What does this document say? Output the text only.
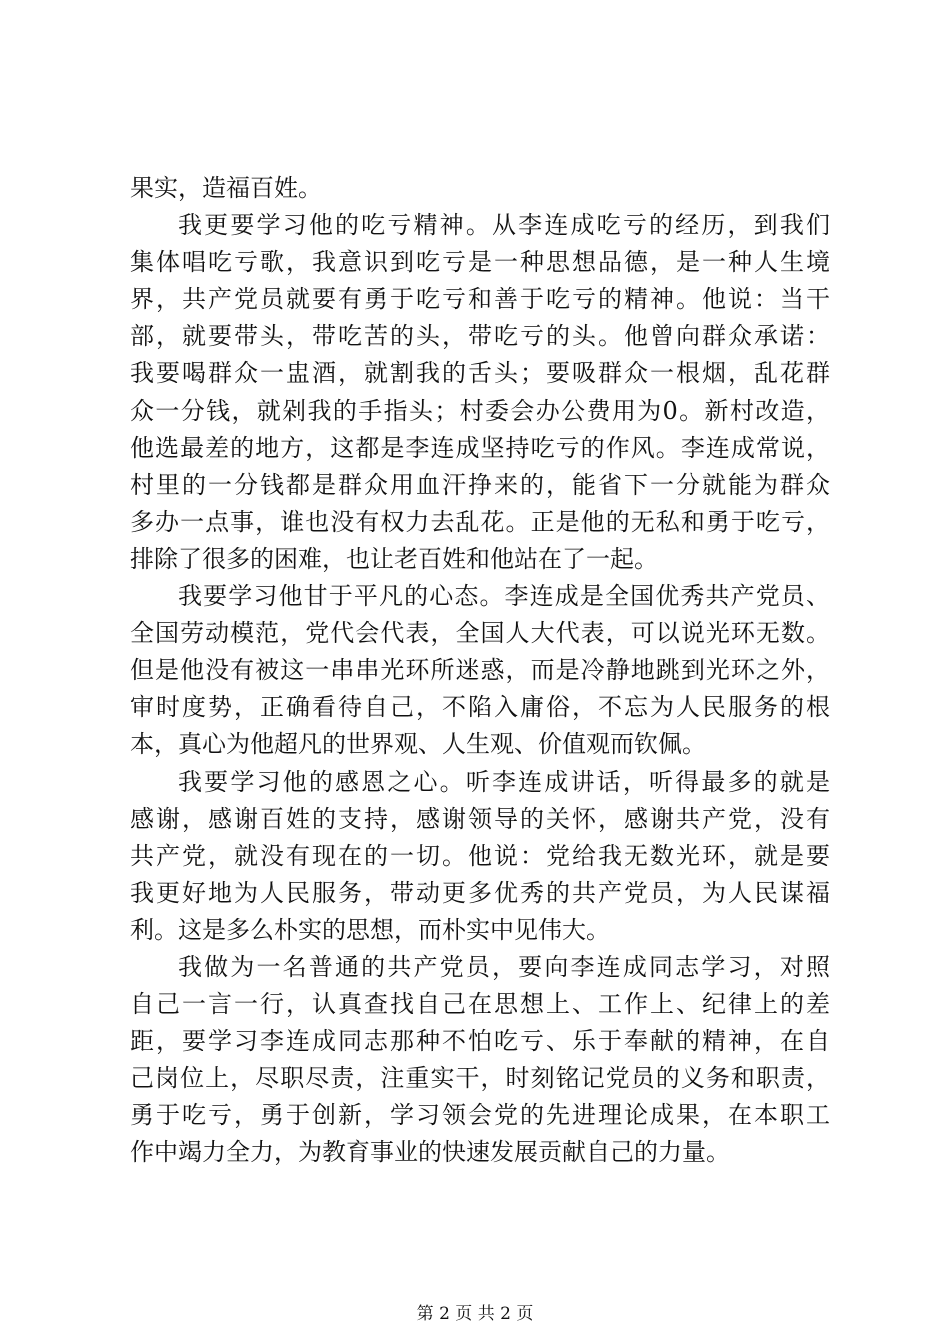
果实，造福百姓。
我更要学习他的吃亏精神。从李连成吃亏的经历，到我们
集体唱吃亏歌，我意识到吃亏是一种思想品德，是一种人生境
界，共产党员就要有勇于吃亏和善于吃亏的精神。他说：当干
部，就要带头，带吃苦的头，带吃亏的头。他曾向群众承诺：
我要喝群众一盅酒，就割我的舌头；要吸群众一根烟，乱花群
众一分钱，就剁我的手指头；村委会办公费用为0。新村改造，
他选最差的地方，这都是李连成坚持吃亏的作风。李连成常说，
村里的一分钱都是群众用血汗挣来的，能省下一分就能为群众
多办一点事，谁也没有权力去乱花。正是他的无私和勇于吃亏，
排除了很多的困难，也让老百姓和他站在了一起。
我要学习他甘于平凡的心态。李连成是全国优秀共产党员、
全国劳动模范，党代会代表，全国人大代表，可以说光环无数。
但是他没有被这一串串光环所迷惑，而是冷静地跳到光环之外，
审时度势，正确看待自己，不陷入庸俗，不忘为人民服务的根
本，真心为他超凡的世界观、人生观、价值观而钦佩。
我要学习他的感恩之心。听李连成讲话，听得最多的就是
感谢，感谢百姓的支持，感谢领导的关怀，感谢共产党，没有
共产党，就没有现在的一切。他说：党给我无数光环，就是要
我更好地为人民服务，带动更多优秀的共产党员，为人民谋福
利。这是多么朴实的思想，而朴实中见伟大。
我做为一名普通的共产党员，要向李连成同志学习，对照
自己一言一行，认真查找自己在思想上、工作上、纪律上的差
距，要学习李连成同志那种不怕吃亏、乐于奉献的精神，在自
己岗位上，尽职尽责，注重实干，时刻铭记党员的义务和职责，
勇于吃亏，勇于创新，学习领会党的先进理论成果，在本职工
作中竭力全力，为教育事业的快速发展贡献自己的力量。
第 2 页 共 2 页
